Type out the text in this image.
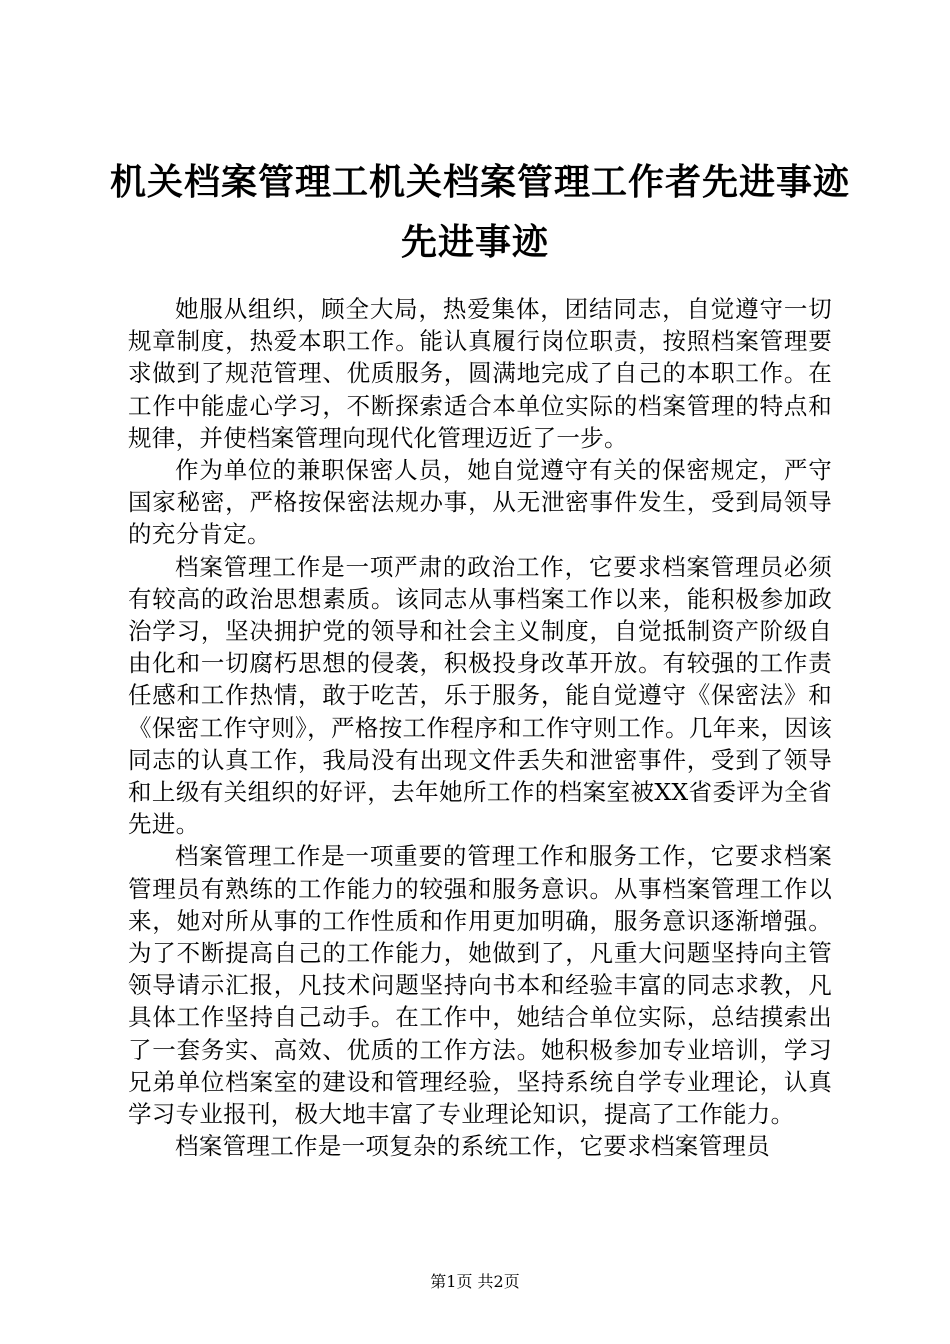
机关档案管理工机关档案管理工作者先进事迹
先进事迹

她服从组织，顾全大局，热爱集体，团结同志，自觉遵守一切规章制度，热爱本职工作。能认真履行岗位职责，按照档案管理要求做到了规范管理、优质服务，圆满地完成了自己的本职工作。在工作中能虚心学习，不断探索适合本单位实际的档案管理的特点和规律，并使档案管理向现代化管理迈近了一步。

作为单位的兼职保密人员，她自觉遵守有关的保密规定，严守国家秘密，严格按保密法规办事，从无泄密事件发生，受到局领导的充分肯定。

档案管理工作是一项严肃的政治工作，它要求档案管理员必须有较高的政治思想素质。该同志从事档案工作以来，能积极参加政治学习，坚决拥护党的领导和社会主义制度，自觉抵制资产阶级自由化和一切腐朽思想的侵袭，积极投身改革开放。有较强的工作责任感和工作热情，敢于吃苦，乐于服务，能自觉遵守《保密法》和《保密工作守则》，严格按工作程序和工作守则工作。几年来，因该同志的认真工作，我局没有出现文件丢失和泄密事件，受到了领导和上级有关组织的好评，去年她所工作的档案室被XX省委评为全省先进。

档案管理工作是一项重要的管理工作和服务工作，它要求档案管理员有熟练的工作能力的较强和服务意识。从事档案管理工作以来，她对所从事的工作性质和作用更加明确，服务意识逐渐增强。为了不断提高自己的工作能力，她做到了，凡重大问题坚持向主管领导请示汇报，凡技术问题坚持向书本和经验丰富的同志求教，凡具体工作坚持自己动手。在工作中，她结合单位实际，总结摸索出了一套务实、高效、优质的工作方法。她积极参加专业培训，学习兄弟单位档案室的建设和管理经验，坚持系统自学专业理论，认真学习专业报刊，极大地丰富了专业理论知识，提高了工作能力。

档案管理工作是一项复杂的系统工作，它要求档案管理员

第1页 共2页
